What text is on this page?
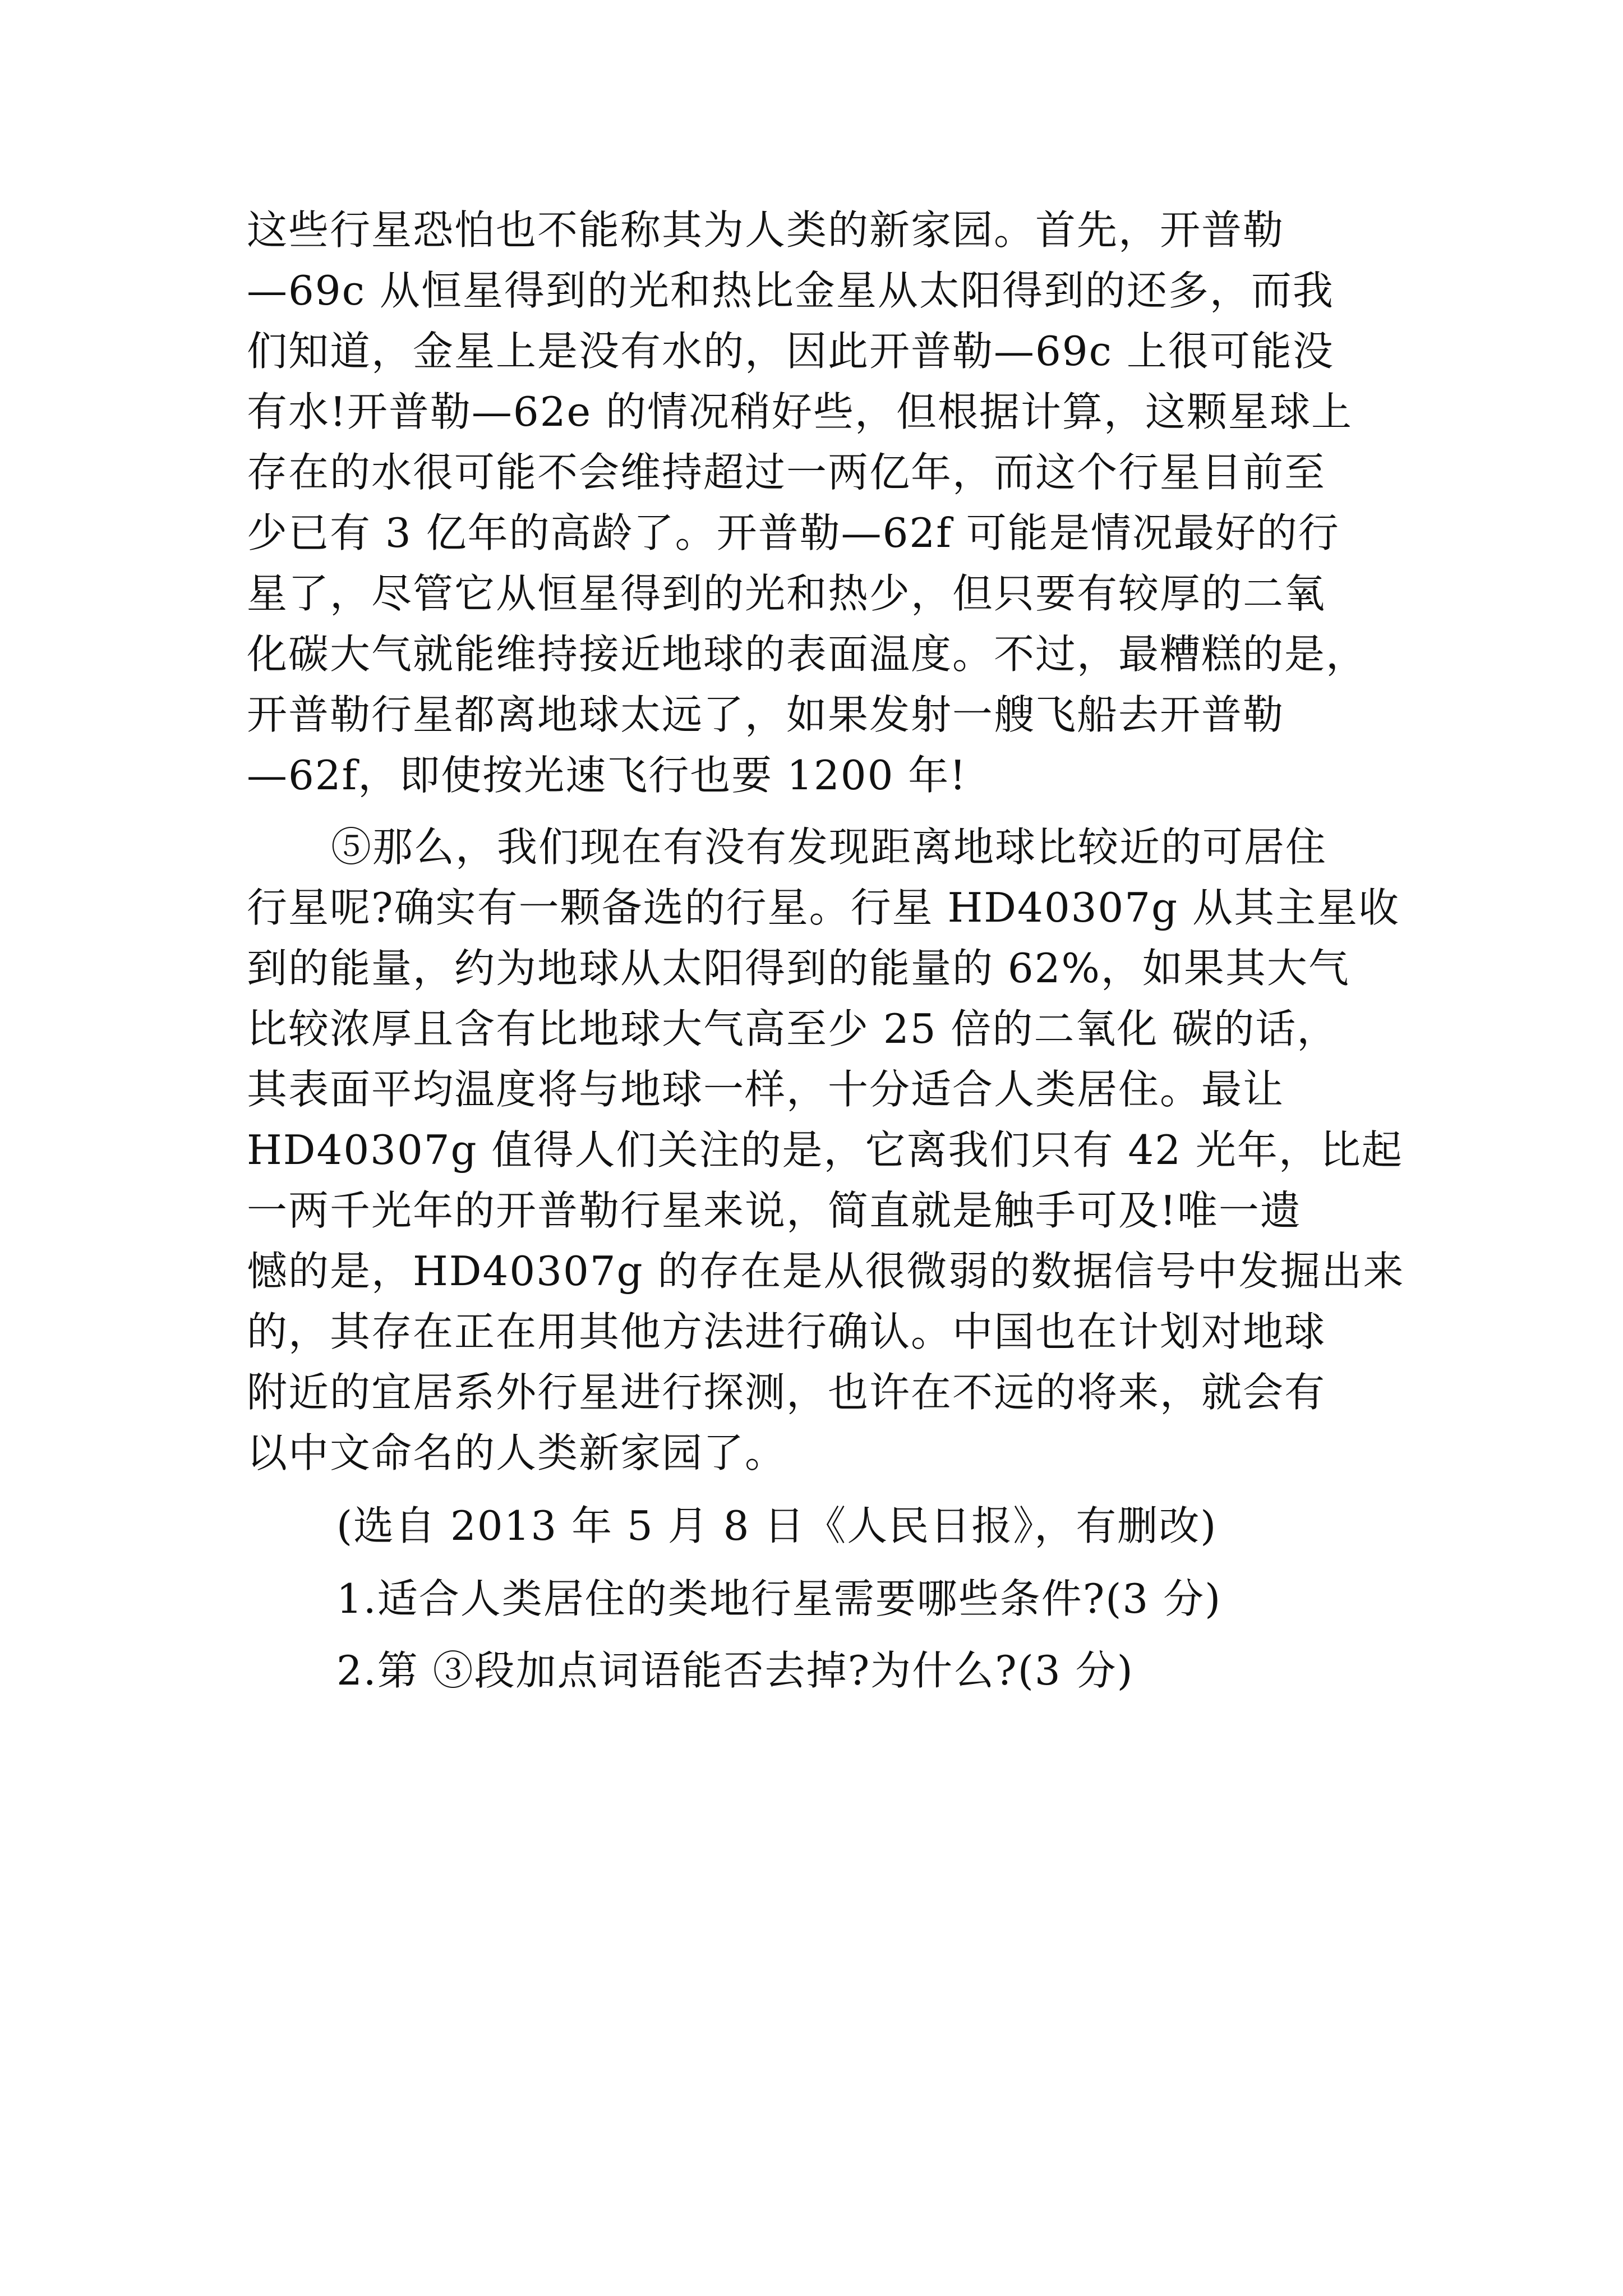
这些行星恐怕也不能称其为人类的新家园。首先，开普勒
—69c 从恒星得到的光和热比金星从太阳得到的还多，而我
们知道，金星上是没有水的，因此开普勒—69c 上很可能没
有水!开普勒—62e 的情况稍好些，但根据计算，这颗星球上
存在的水很可能不会维持超过一两亿年，而这个行星目前至
少已有 3 亿年的高龄了。开普勒—62f 可能是情况最好的行
星了，尽管它从恒星得到的光和热少，但只要有较厚的二氧
化碳大气就能维持接近地球的表面温度。不过，最糟糕的是，
开普勒行星都离地球太远了，如果发射一艘飞船去开普勒
—62f，即使按光速飞行也要 1200 年!
⑤那么，我们现在有没有发现距离地球比较近的可居住
行星呢?确实有一颗备选的行星。行星 HD40307g 从其主星收
到的能量，约为地球从太阳得到的能量的 62%，如果其大气
比较浓厚且含有比地球大气高至少 25 倍的二氧化 碳的话，
其表面平均温度将与地球一样，十分适合人类居住。最让
HD40307g 值得人们关注的是，它离我们只有 42 光年，比起
一两千光年的开普勒行星来说，简直就是触手可及!唯一遗
憾的是，HD40307g 的存在是从很微弱的数据信号中发掘出来
的，其存在正在用其他方法进行确认。中国也在计划对地球
附近的宜居系外行星进行探测，也许在不远的将来，就会有
以中文命名的人类新家园了。
(选自 2013 年 5 月 8 日《人民日报》，有删改)
1.适合人类居住的类地行星需要哪些条件?(3 分)
2.第 ③段加点词语能否去掉?为什么?(3 分)
